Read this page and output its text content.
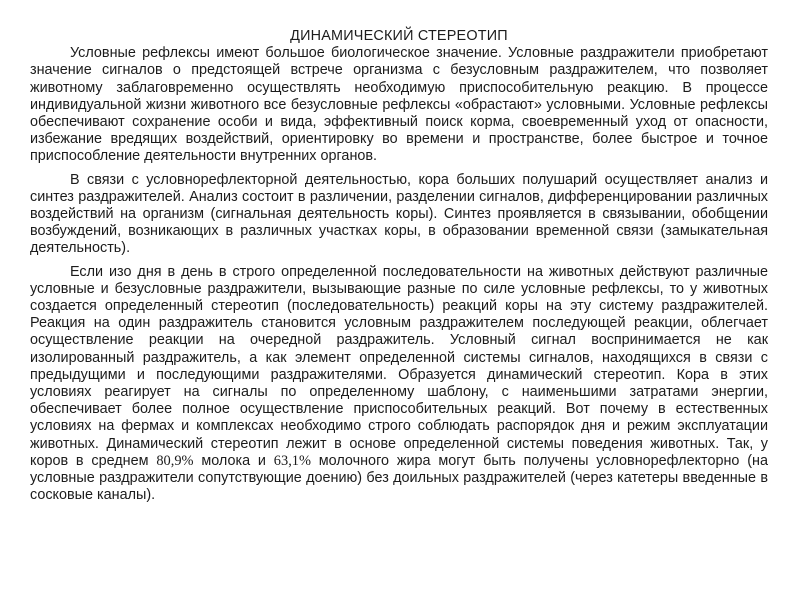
ДИНАМИЧЕСКИЙ СТЕРЕОТИП

Условные рефлексы имеют большое биологическое значение. Условные раздражители приобретают значение сигналов о предстоящей встрече организма с безусловным раздражителем, что позволяет животному заблаговременно осуществлять необходимую приспособительную реакцию. В процессе индивидуальной жизни животного все безусловные рефлексы «обрастают» условными. Условные рефлексы обеспечивают сохранение особи и вида, эффективный поиск корма, своевременный уход от опасности, избежание вредящих воздействий, ориентировку во времени и пространстве, более быстрое и точное приспособление деятельности внутренних органов.

В связи с условнорефлекторной деятельностью, кора больших полушарий осуществляет анализ и синтез раздражителей. Анализ состоит в различении, разделении сигналов, дифференцировании различных воздействий на организм (сигнальная деятельность коры). Синтез проявляется в связывании, обобщении возбуждений, возникающих в различных участках коры, в образовании временной связи (замыкательная деятельность).

Если изо дня в день в строго определенной последовательности на животных действуют различные условные и безусловные раздражители, вызывающие разные по силе условные рефлексы, то у животных создается определенный стереотип (последовательность) реакций коры на эту систему раздражителей. Реакция на один раздражитель становится условным раздражителем последующей реакции, облегчает осуществление реакции на очередной раздражитель. Условный сигнал воспринимается не как изолированный раздражитель, а как элемент определенной системы сигналов, находящихся в связи с предыдущими и последующими раздражителями. Образуется динамический стереотип. Кора в этих условиях реагирует на сигналы по определенному шаблону, с наименьшими затратами энергии, обеспечивает более полное осуществление приспособительных реакций. Вот почему в естественных условиях на фермах и комплексах необходимо строго соблюдать распорядок дня и режим эксплуатации животных. Динамический стереотип лежит в основе определенной системы поведения животных. Так, у коров в среднем 80,9% молока и 63,1% молочного жира могут быть получены условнорефлекторно (на условные раздражители сопутствующие доению) без доильных раздражителей (через катетеры введенные в сосковые каналы).
